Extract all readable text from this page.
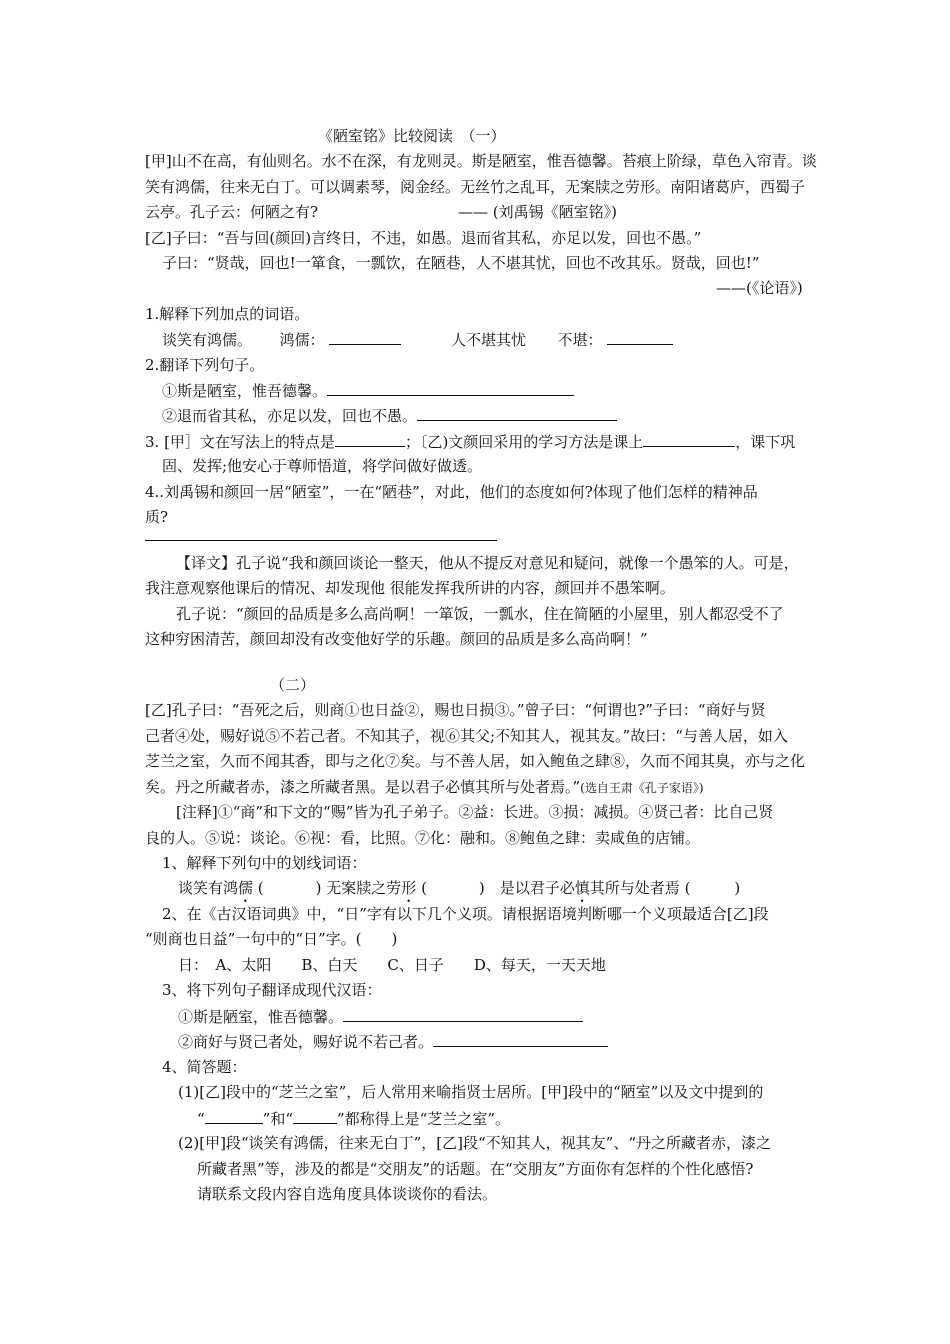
《陋室铭》比较阅读　（一）
[甲]山不在高，有仙则名。水不在深，有龙则灵。斯是陋室，惟吾德馨。苔痕上阶绿，草色入帘青。谈
笑有鸿儒，往来无白丁。可以调素琴，阅金经。无丝竹之乱耳，无案牍之劳形。南阳诸葛庐，西蜀子
云亭。孔子云：何陋之有?	—— (刘禹锡《陋室铭》)
[乙]子曰：“吾与回(颜回)言终日，不违，如愚。退而省其私，亦足以发，回也不愚。”
子曰：“贤哉，回也!一箪食，一瓢饮，在陋巷，人不堪其忧，回也不改其乐。贤哉，回也!”
——(《论语》)
1.解释下列加点的词语。
谈笑有鸿儒。 鸿儒：	人不堪其忧 不堪：
2.翻译下列句子。
①斯是陋室，惟吾德馨。
②退而省其私，亦足以发，回也不愚。
3. [甲］文在写法上的特点是	；〔乙)文颜回采用的学习方法是课上	，课下巩
固、发挥;他安心于尊师悟道，将学问做好做透。
4..刘禹锡和颜回一居“陋室”，一在“陋巷”，对此，他们的态度如何?体现了他们怎样的精神品
质?
【译文】孔子说“我和颜回谈论一整天，他从不提反对意见和疑问，就像一个愚笨的人。可是，
我注意观察他课后的情况、却发现他 很能发挥我所讲的内容，颜回并不愚笨啊。
孔子说：“颜回的品质是多么高尚啊！一箪饭，一瓢水，住在简陋的小屋里，别人都忍受不了
这种穷困清苦，颜回却没有改变他好学的乐趣。颜回的品质是多么高尚啊！”
（二）
[乙]孔子曰：“吾死之后，则商①也日益②，赐也日损③。”曾子曰：“何谓也?”子曰：“商好与贤
己者④处，赐好说⑤不若己者。不知其子，视⑥其父;不知其人，视其友。”故曰：“与善人居，如入
芝兰之室，久而不闻其香，即与之化⑦矣。与不善人居，如入鲍鱼之肆⑧，久而不闻其臭，亦与之化
矣。丹之所藏者赤，漆之所藏者黑。是以君子必慎其所与处者焉。”(选自王肃《孔子家语》)
[注释]①“商”和下文的“赐”皆为孔子弟子。②益：长进。③损：减损。④贤己者：比自己贤
良的人。⑤说：谈论。⑥视：看，比照。⑦化：融和。⑧鲍鱼之肆：卖咸鱼的店铺。
1、解释下列句中的划线词语：
谈笑有鸿儒 (	) 无案牍之劳形 (	)　是以君子必慎其所与处者焉 (	)
2、在《古汉语词典》中，“日”字有以下几个义项。请根据语境判断哪一个义项最适合[乙]段
“则商也日益”一句中的“日”字。(　　)
日：　A、太阳　　B、白天　　C、日子　　D、每天，一天天地
3、将下列句子翻译成现代汉语：
①斯是陋室，惟吾德馨。
②商好与贤己者处，赐好说不若己者。
4、简答题：
(1)[乙]段中的“芝兰之室”，后人常用来喻指贤士居所。[甲]段中的“陋室”以及文中提到的
“	”和“	”都称得上是“芝兰之室”。
(2)[甲]段“谈笑有鸿儒，往来无白丁”，[乙]段“不知其人，视其友”、“丹之所藏者赤，漆之
所藏者黑”等，涉及的都是“交朋友”的话题。在“交朋友”方面你有怎样的个性化感悟?
请联系文段内容自选角度具体谈谈你的看法。
